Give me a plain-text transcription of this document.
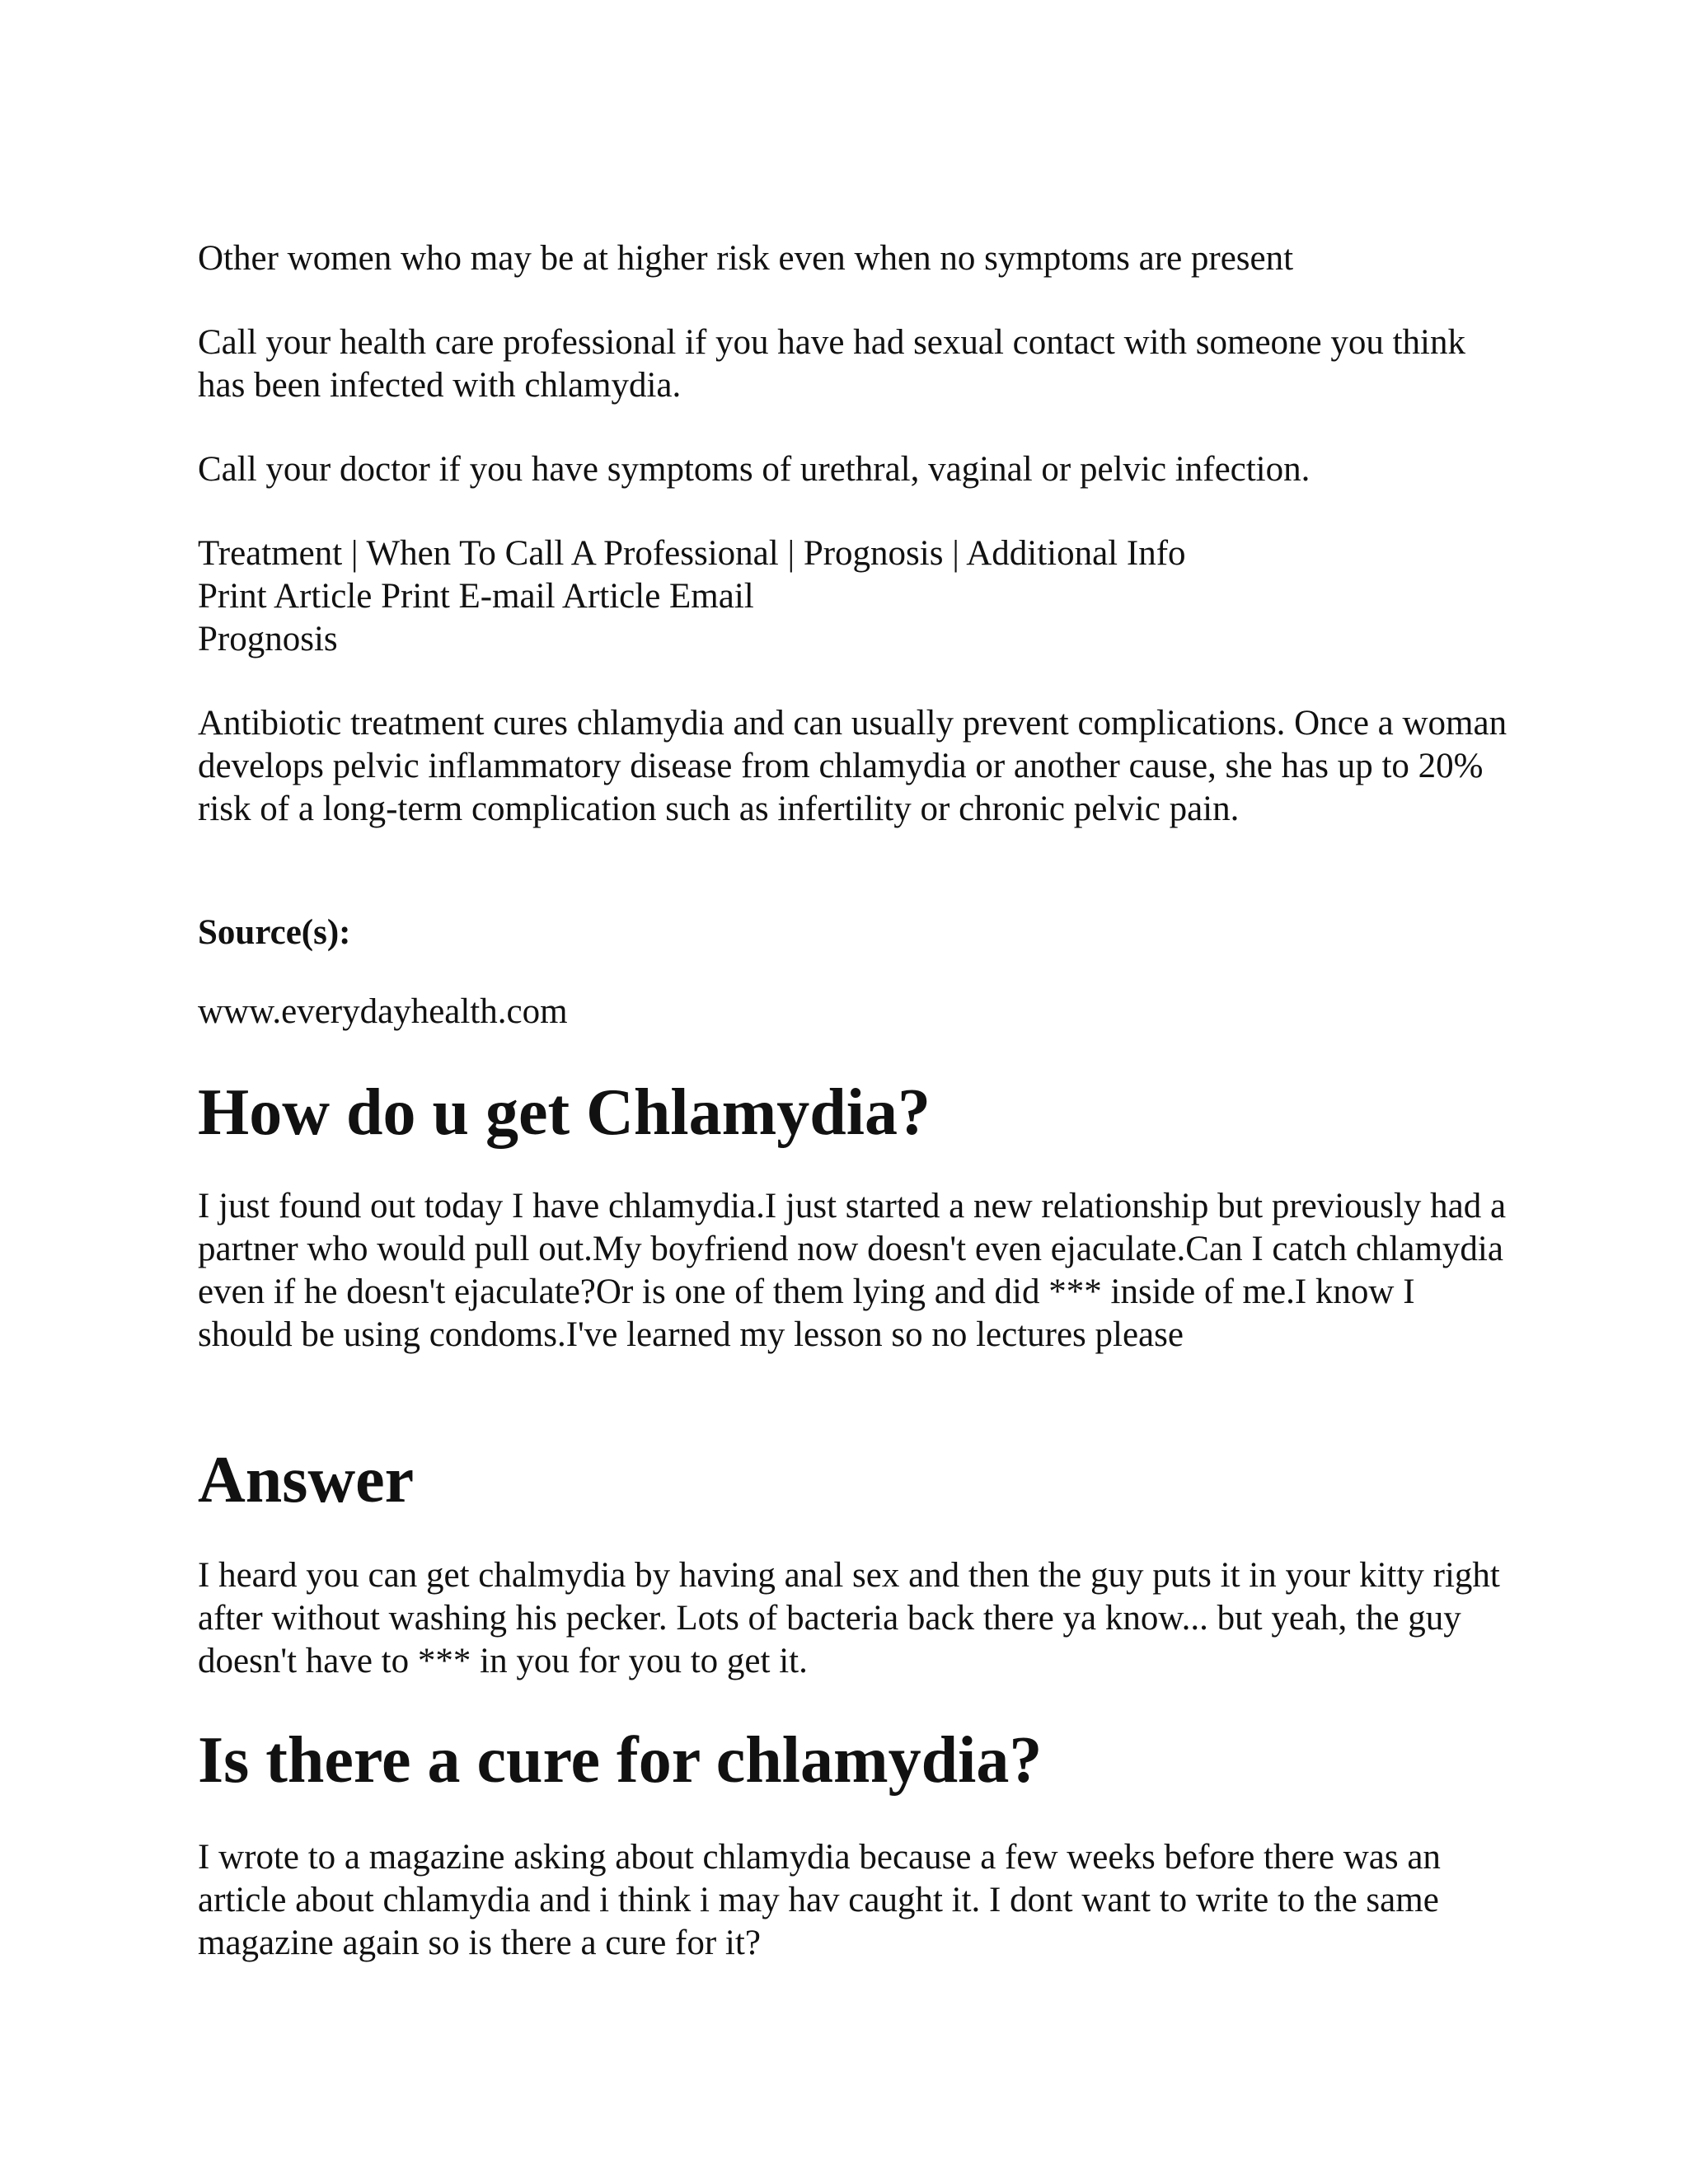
Other women who may be at higher risk even when no symptoms are present

Call your health care professional if you have had sexual contact with someone you think has been infected with chlamydia.

Call your doctor if you have symptoms of urethral, vaginal or pelvic infection.

Treatment | When To Call A Professional | Prognosis | Additional Info

Print Article Print E-mail Article Email

Prognosis

Antibiotic treatment cures chlamydia and can usually prevent complications. Once a woman develops pelvic inflammatory disease from chlamydia or another cause, she has up to 20% risk of a long-term complication such as infertility or chronic pelvic pain.

Source(s):

www.everydayhealth.com

How do u get Chlamydia?

I just found out today I have chlamydia.I just started a new relationship but previously had a partner who would pull out.My boyfriend now doesn't even ejaculate.Can I catch chlamydia even if he doesn't ejaculate?Or is one of them lying and did *** inside of me.I know I should be using condoms.I've learned my lesson so no lectures please

Answer

I heard you can get chalmydia by having anal sex and then the guy puts it in your kitty right after without washing his pecker. Lots of bacteria back there ya know... but yeah, the guy doesn't have to *** in you for you to get it.

Is there a cure for chlamydia?

I wrote to a magazine asking about chlamydia because a few weeks before there was an article about chlamydia and i think i may hav caught it. I dont want to write to the same magazine again so is there a cure for it?
